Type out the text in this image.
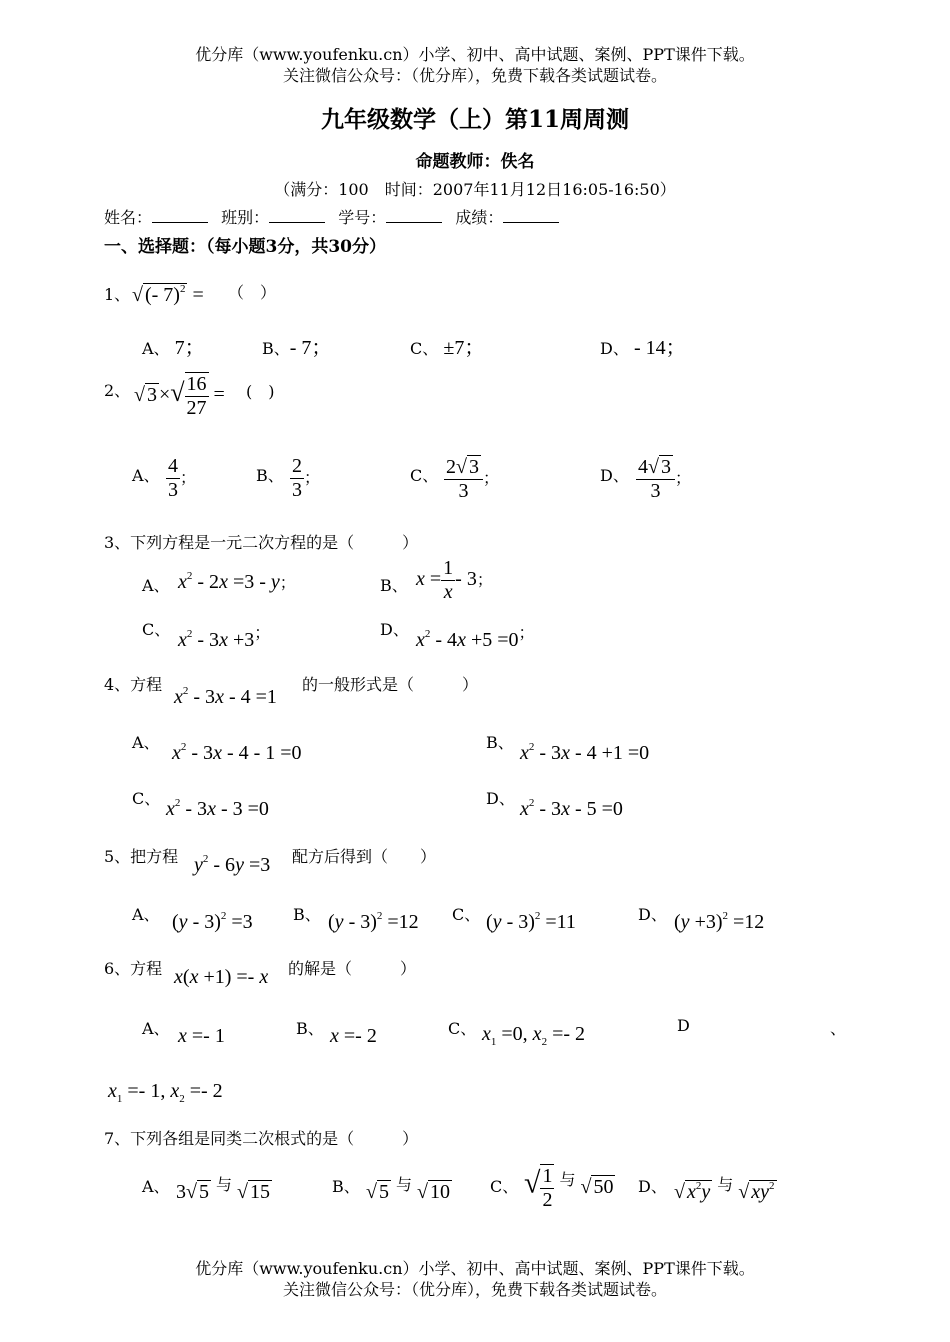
优分库（www.youfenku.cn）小学、初中、高中试题、案例、PPT课件下载。
关注微信公众号：（优分库），免费下载各类试题试卷。
九年级数学（上）第11周周测
命题教师：佚名
（满分：100　时间：2007年11月12日16:05-16:50）
姓名：	班别：	学号：	成绩：
一、选择题：（每小题3分，共30分）
1、 √ (- 7)$^2$ = （　）
A、 7；	B、- 7；	C、 ±7；	D、 - 14；
2、 √ 3 ×√ $\frac{16}{27}$ = (　)
A、 $\frac{4}{3}$ ；	B、 $\frac{2}{3}$ ；	C、 $\frac{2√ 3}{3}$ ；	D、 $\frac{4√ 3}{3}$ ；
3、下列方程是一元二次方程的是（　　　）
A、 $x^2 - 2x =3 - y$；	B、 $x = \frac{1}{x} - 3$；
C、 $x^2 - 3x +3^;$	D、 $x^2 - 4x +5 =0^;$
4、方程
$x^2 - 3x - 4 =1$
的一般形式是（　　　）
A、 $x^2 - 3x - 4 - 1 =0$	B、 $x^2 - 3x - 4 +1 =0$
C、 $x^2 - 3x - 3 =0$	D、 $x^2 - 3x - 5 =0$
5、把方程 $y^2 - 6y =3$ 配方后得到（　　）
A、 (y - 3)$^2$ =3	B、 (y - 3)$^2$ =12 C、 (y - 3)$^2$ =11	D、 $(y +3)^2 =12$
6、方程 x(x +1) =- x 的解是（　　　）
A、 x =- 1	B、 x =- 2	C、 $x_1 =0$, $x_2 =- 2$	D	、
$x_1 =- 1$, $x_2 =- 2$
7、下列各组是同类二次根式的是（　　　）
A、 3√ 5 $^与$ √ 15	B、 √ 5 $^与$ √ 10	C、 √ $\frac{1}{2} ^与$ √ 50 D、 √ $x^2y$ $^与$ √ $xy^2$
优分库（www.youfenku.cn）小学、初中、高中试题、案例、PPT课件下载。
关注微信公众号：（优分库），免费下载各类试题试卷。
